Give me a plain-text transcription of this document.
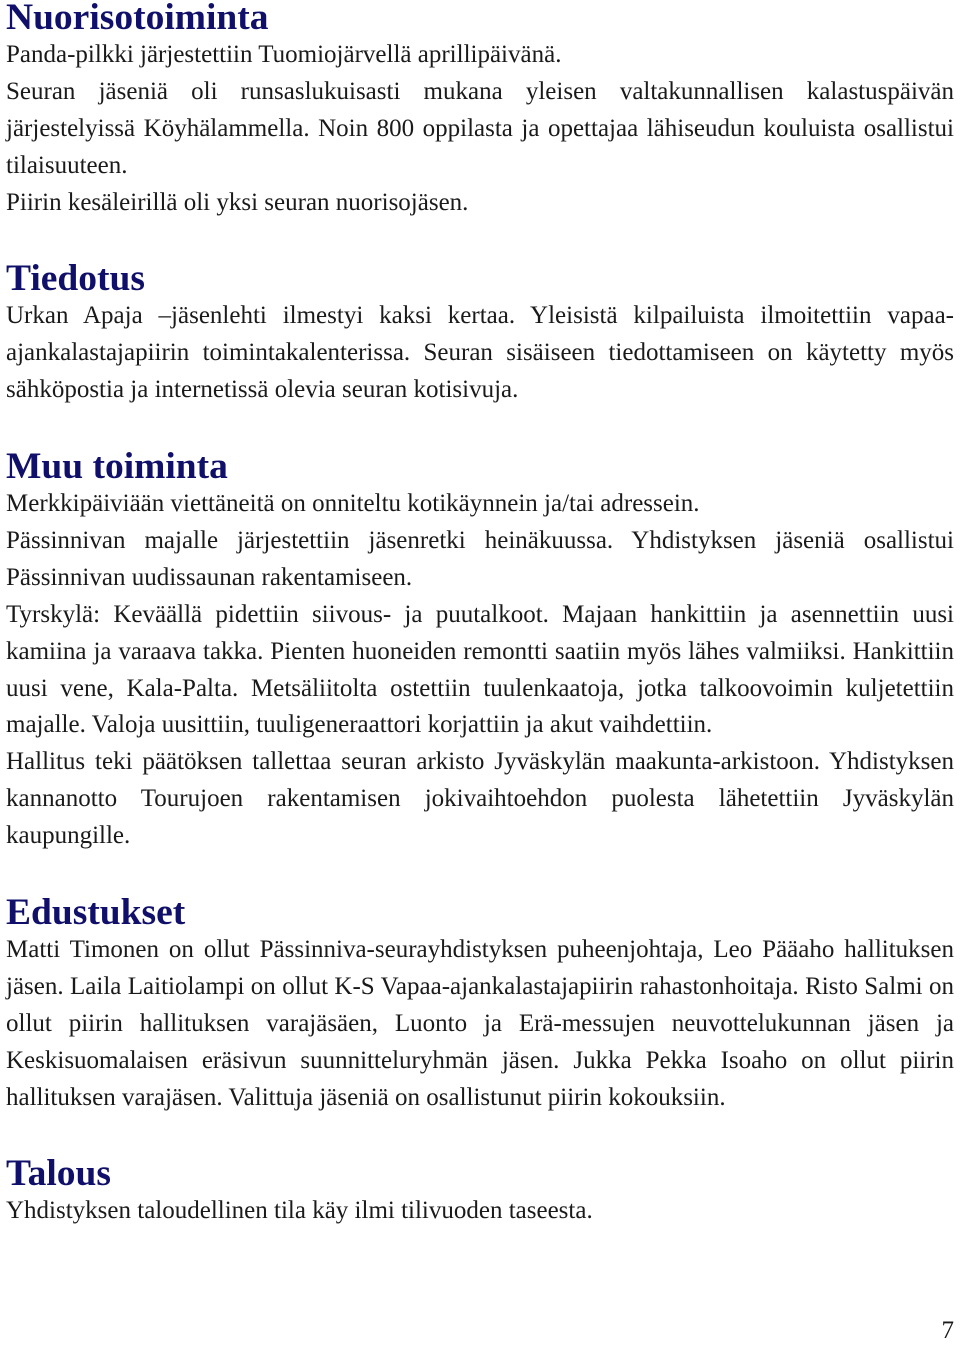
Nuorisotoiminta

Panda-pilkki järjestettiin Tuomiojärvellä aprillipäivänä.

Seuran jäseniä oli runsaslukuisasti mukana yleisen valtakunnallisen kalastuspäivän järjestelyissä Köyhälammella. Noin 800 oppilasta ja opettajaa lähiseudun kouluista osallistui tilaisuuteen.

Piirin kesäleirillä oli yksi seuran nuorisojäsen.

Tiedotus

Urkan Apaja –jäsenlehti ilmestyi kaksi kertaa. Yleisistä kilpailuista ilmoitettiin vapaa-ajankalastajapiirin toimintakalenterissa. Seuran sisäiseen tiedottamiseen on käytetty myös sähköpostia ja internetissä olevia seuran kotisivuja.

Muu toiminta

Merkkipäiviään viettäneitä on onniteltu kotikäynnein ja/tai adressein.

Pässinnivan majalle järjestettiin jäsenretki heinäkuussa. Yhdistyksen jäseniä osallistui Pässinnivan uudissaunan rakentamiseen.

Tyrskylä: Keväällä pidettiin siivous- ja puutalkoot. Majaan hankittiin ja asennettiin uusi kamiina ja varaava takka. Pienten huoneiden remontti saatiin myös lähes valmiiksi. Hankittiin uusi vene, Kala-Palta. Metsäliitolta ostettiin tuulenkaatoja, jotka talkoovoimin kuljetettiin majalle. Valoja uusittiin, tuuligeneraattori korjattiin ja akut vaihdettiin.

Hallitus teki päätöksen tallettaa seuran arkisto Jyväskylän maakunta-arkistoon. Yhdistyksen kannanotto Tourujoen rakentamisen jokivaihtoehdon puolesta lähetettiin Jyväskylän kaupungille.

Edustukset

Matti Timonen on ollut Pässinniva-seurayhdistyksen puheenjohtaja, Leo Pääaho hallituksen jäsen. Laila Laitiolampi on ollut K-S Vapaa-ajankalastajapiirin rahastonhoitaja. Risto Salmi on ollut piirin hallituksen varajäsäen, Luonto ja Erä-messujen neuvottelukunnan jäsen ja Keskisuomalaisen eräsivun suunnitteluryhmän jäsen. Jukka Pekka Isoaho on ollut piirin hallituksen varajäsen. Valittuja jäseniä on osallistunut piirin kokouksiin.

Talous

Yhdistyksen taloudellinen tila käy ilmi tilivuoden taseesta.

7
